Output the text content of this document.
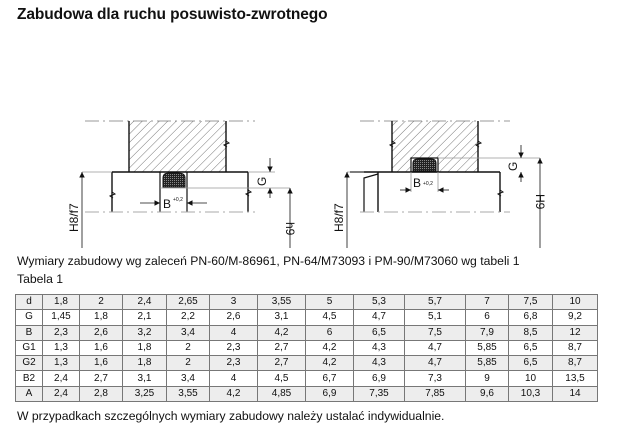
Zabudowa dla ruchu posuwisto-zwrotnego
H8/f7	B +0,2
G
h9	H8/f7
B +0,2
G
H9
Wymiary zabudowy wg zaleceń PN-60/M-86961, PN-64/M73093 i PM-90/M73060 wg tabeli 1
Tabela 1
d	1,8	2	2,4	2,65	3	3,55	5	5,3	5,7	7	7,5	10
G	1,45	1,8	2,1	2,2	2,6	3,1	4,5	4,7	5,1	6	6,8	9,2
B	2,3	2,6	3,2	3,4	4	4,2	6	6,5	7,5	7,9	8,5	12
G1	1,3	1,6	1,8	2	2,3	2,7	4,2	4,3	4,7	5,85	6,5	8,7
G2	1,3	1,6	1,8	2	2,3	2,7	4,2	4,3	4,7	5,85	6,5	8,7
B2	2,4	2,7	3,1	3,4	4	4,5	6,7	6,9	7,3	9	10	13,5
A	2,4	2,8	3,25	3,55	4,2	4,85	6,9	7,35	7,85	9,6	10,3	14
W przypadkach szczególnych wymiary zabudowy należy ustalać indywidualnie.
